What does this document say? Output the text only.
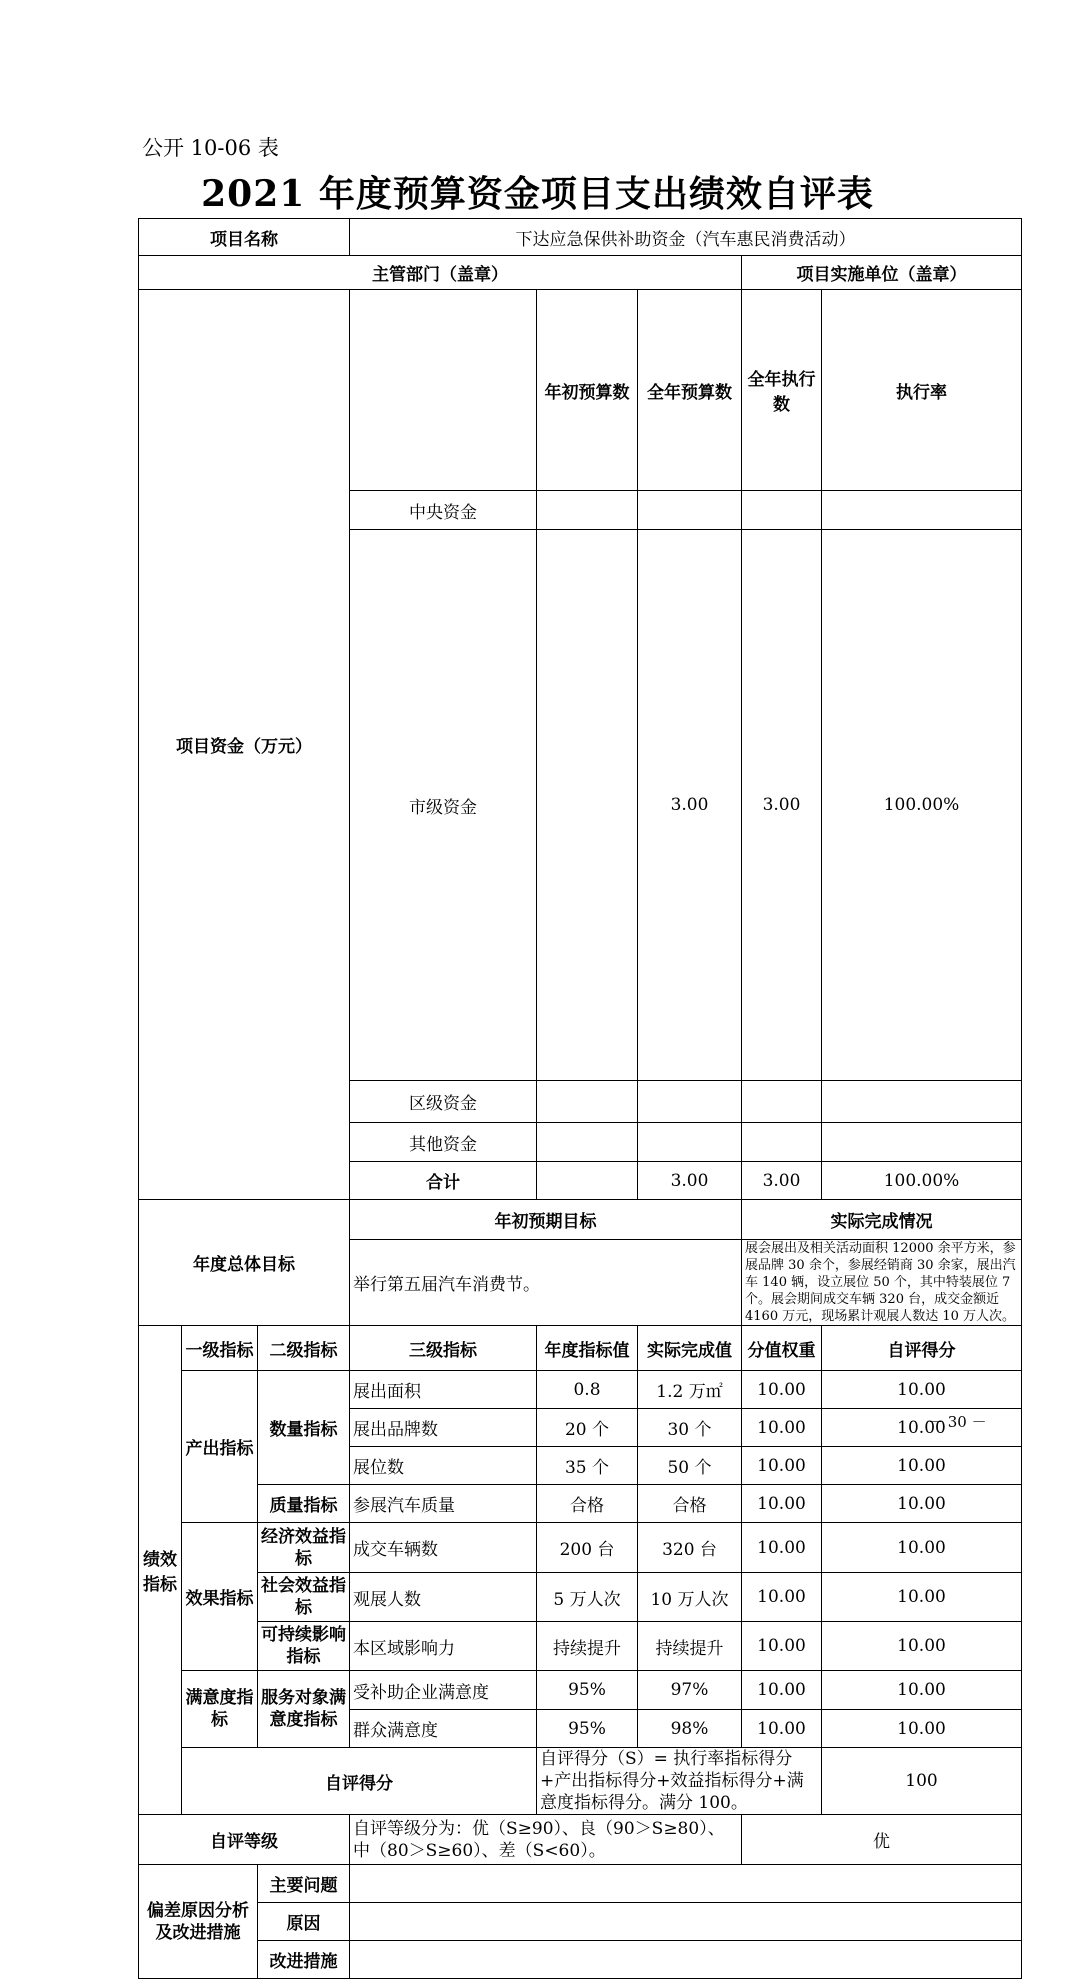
公开 10-06 表
2021 年度预算资金项目支出绩效自评表
项目名称			下达应急保供补助资金（汽车惠民消费活动）					
主管部门（盖章）						项目实施单位（盖章）		
项目资金（万元）				年初预算数	全年预算数	全年执行数	执行率	
			中央资金					
			市级资金		3.00	3.00	100.00%	
			区级资金					
			其他资金					
			合计		3.00	3.00	100.00%	
年度总体目标			年初预期目标			实际完成情况		
			举行第五届汽车消费节。			展会展出及相关活动面积 12000 余平方米，参展品牌 30 余个，参展经销商 30 余家，展出汽车 140 辆，设立展位 50 个，其中特装展位 7 个。展会期间成交车辆 320 台，成交金额近 4160 万元，现场累计观展人数达 10 万人次。		
绩效指标	一级指标	二级指标	三级指标	年度指标值	实际完成值	分值权重	自评得分	
	产出指标	数量指标	展出面积	0.8	1.2 万㎡	10.00	10.00	
			展出品牌数	20 个	30 个	10.00	10.00	
			展位数	35 个	50 个	10.00	10.00	
		质量指标	参展汽车质量	合格	合格	10.00	10.00	
	效果指标	经济效益指标	成交车辆数	200 台	320 台	10.00	10.00	
		社会效益指标	观展人数	5 万人次	10 万人次	10.00	10.00	
		可持续影响指标	本区域影响力	持续提升	持续提升	10.00	10.00	
	满意度指标	服务对象满意度指标	受补助企业满意度	95%	97%	10.00	10.00	
			群众满意度	95%	98%	10.00	10.00	
	自评得分			自评得分（S）= 执行率指标得分+产出指标得分+效益指标得分+满意度指标得分。满分 100。			100	
自评等级			自评等级分为：优（S≥90）、良（90＞S≥80）、中（80＞S≥60）、差（S<60）。			优		
偏差原因分析及改进措施		主要问题						
		原因						
		改进措施						
－ 30 －
